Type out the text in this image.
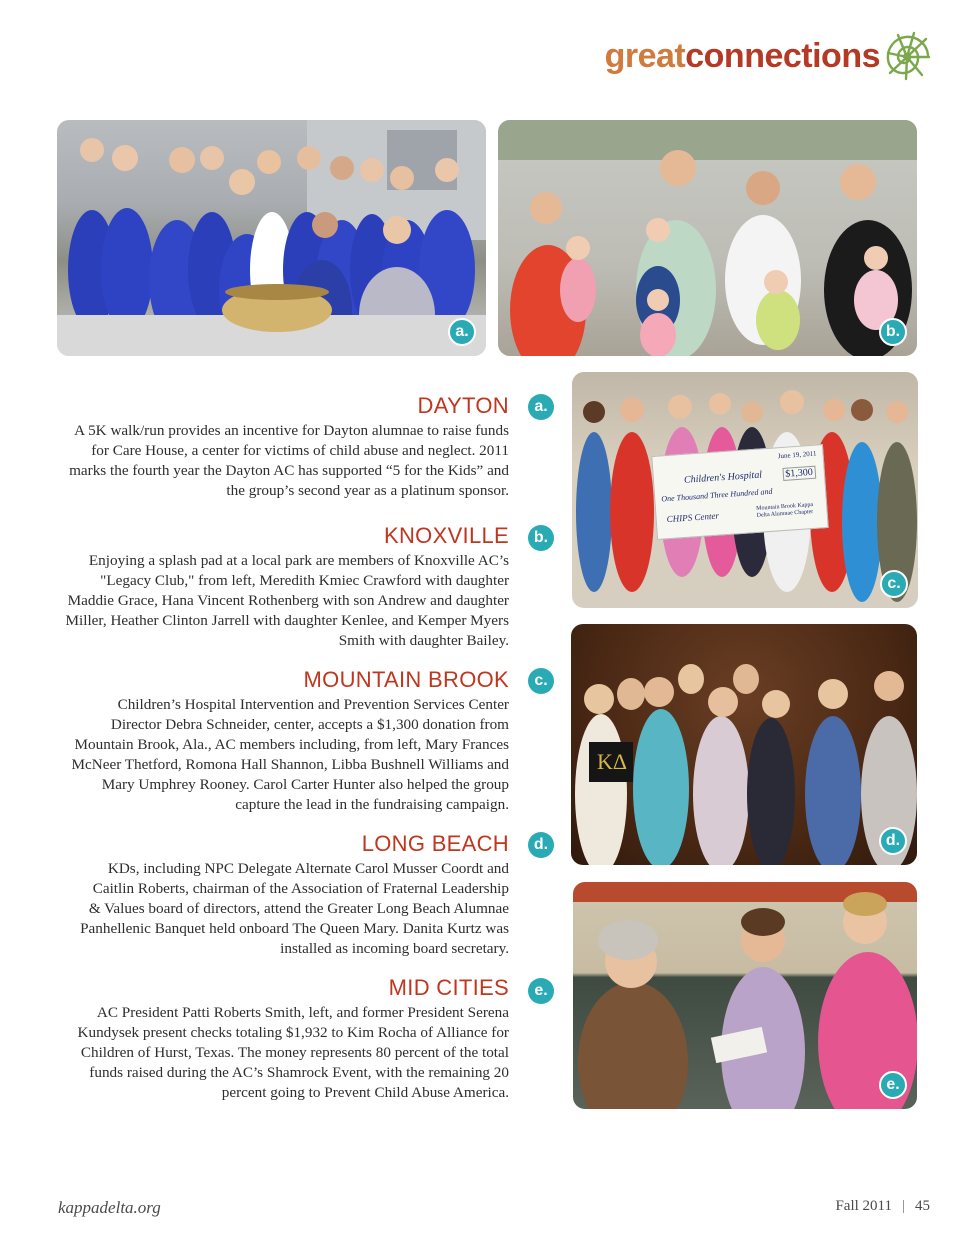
greatconnections
a.	b.
June 19, 2011
Children's Hospital	$1,300
One Thousand Three Hundred and
CHIPS Center
Mountain Brook Kappa Delta Alumnae Chapter
c.
ΚΔ
d.
e.
DAYTON

A 5K walk/run provides an incentive for Dayton alumnae to raise funds for Care House, a center for victims of child abuse and neglect. 2011 marks the fourth year the Dayton AC has supported “5 for the Kids” and the group’s second year as a platinum sponsor.

a.
KNOXVILLE

Enjoying a splash pad at a local park are members of Knoxville AC’s "Legacy Club," from left, Meredith Kmiec Crawford with daughter Maddie Grace, Hana Vincent Rothenberg with son Andrew and daughter Miller, Heather Clinton Jarrell with daughter Kenlee, and Kemper Myers Smith with daughter Bailey.

b.
MOUNTAIN BROOK

Children’s Hospital Intervention and Prevention Services Center Director Debra Schneider, center, accepts a $1,300 donation from Mountain Brook, Ala., AC members including, from left, Mary Frances McNeer Thetford, Romona Hall Shannon, Libba Bushnell Williams and Mary Umphrey Rooney. Carol Carter Hunter also helped the group capture the lead in the fundraising campaign.

c.
LONG BEACH

KDs, including NPC Delegate Alternate Carol Musser Coordt and Caitlin Roberts, chairman of the Association of Fraternal Leadership & Values board of directors, attend the Greater Long Beach Alumnae Panhellenic Banquet held onboard The Queen Mary. Danita Kurtz was installed as incoming board secretary.

d.
MID CITIES

AC President Patti Roberts Smith, left, and former President Serena Kundysek present checks totaling $1,932 to Kim Rocha of Alliance for Children of Hurst, Texas. The money represents 80 percent of the total funds raised during the AC’s Shamrock Event, with the remaining 20 percent going to Prevent Child Abuse America.

e.
kappadelta.org	Fall 2011 | 45
